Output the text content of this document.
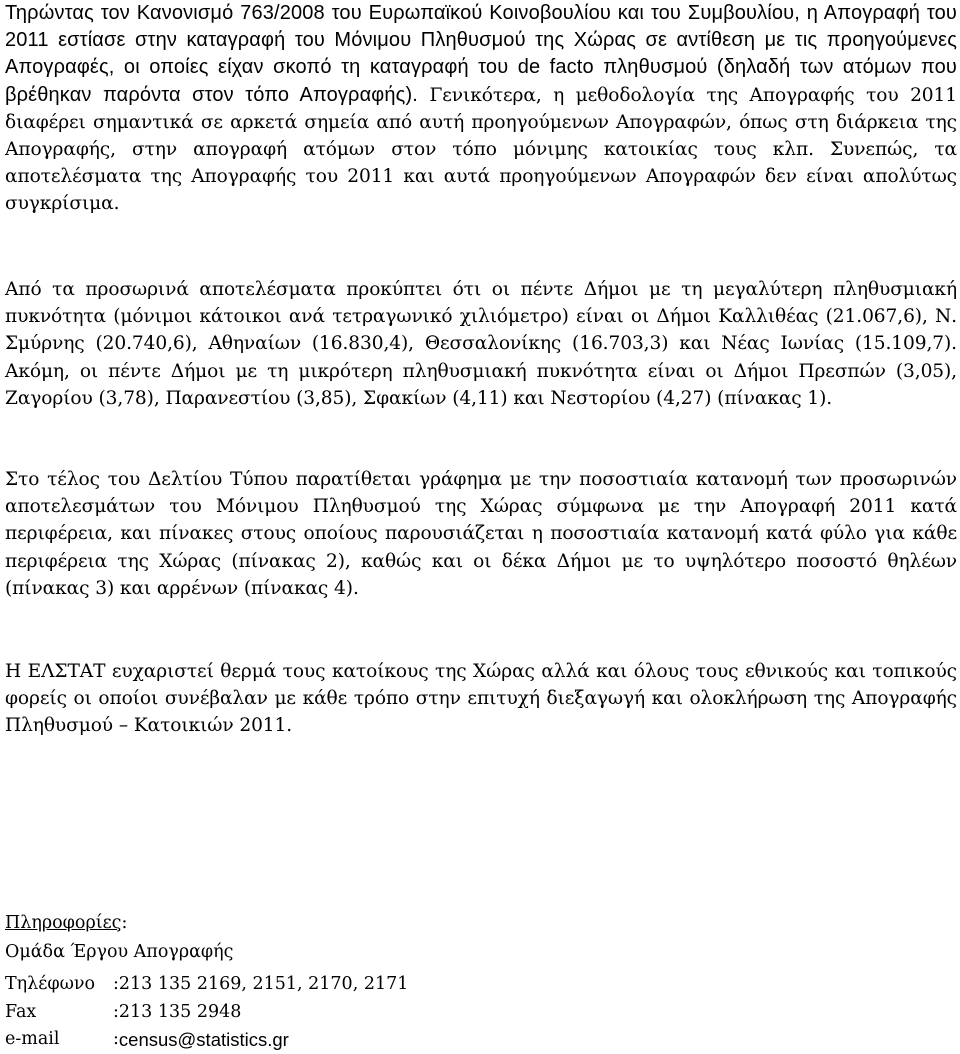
Τηρώντας τον Κανονισμό 763/2008 του Ευρωπαϊκού Κοινοβουλίου και του Συμβουλίου, η Απογραφή του 2011 εστίασε στην καταγραφή του Μόνιμου Πληθυσμού της Χώρας σε αντίθεση με τις προηγούμενες Απογραφές, οι οποίες είχαν σκοπό τη καταγραφή του de facto πληθυσμού (δηλαδή των ατόμων που βρέθηκαν παρόντα στον τόπο Απογραφής). Γενικότερα, η μεθοδολογία της Απογραφής του 2011 διαφέρει σημαντικά σε αρκετά σημεία από αυτή προηγούμενων Απογραφών, όπως στη διάρκεια της Απογραφής, στην απογραφή ατόμων στον τόπο μόνιμης κατοικίας τους κλπ. Συνεπώς, τα αποτελέσματα της Απογραφής του 2011 και αυτά προηγούμενων Απογραφών δεν είναι απολύτως συγκρίσιμα.

Από τα προσωρινά αποτελέσματα προκύπτει ότι οι πέντε Δήμοι με τη μεγαλύτερη πληθυσμιακή πυκνότητα (μόνιμοι κάτοικοι ανά τετραγωνικό χιλιόμετρο) είναι οι Δήμοι Καλλιθέας (21.067,6), Ν. Σμύρνης (20.740,6), Αθηναίων (16.830,4), Θεσσαλονίκης (16.703,3) και Νέας Ιωνίας (15.109,7). Ακόμη, οι πέντε Δήμοι με τη μικρότερη πληθυσμιακή πυκνότητα είναι οι Δήμοι Πρεσπών (3,05), Ζαγορίου (3,78), Παρανεστίου (3,85), Σφακίων (4,11) και Νεστορίου (4,27) (πίνακας 1).

Στο τέλος του Δελτίου Τύπου παρατίθεται γράφημα με την ποσοστιαία κατανομή των προσωρινών αποτελεσμάτων του Μόνιμου Πληθυσμού της Χώρας σύμφωνα με την Απογραφή 2011 κατά περιφέρεια, και πίνακες στους οποίους παρουσιάζεται η ποσοστιαία κατανομή κατά φύλο για κάθε περιφέρεια της Χώρας (πίνακας 2), καθώς και οι δέκα Δήμοι με το υψηλότερο ποσοστό θηλέων (πίνακας 3) και αρρένων (πίνακας 4).

Η ΕΛΣΤΑΤ ευχαριστεί θερμά τους κατοίκους της Χώρας αλλά και όλους τους εθνικούς και τοπικούς φορείς οι οποίοι συνέβαλαν με κάθε τρόπο στην επιτυχή διεξαγωγή και ολοκλήρωση της Απογραφής Πληθυσμού – Κατοικιών 2011.

Πληροφορίες:
Ομάδα Έργου Απογραφής
Τηλέφωνο	: 213 135 2169, 2151, 2170, 2171
Fax	: 213 135 2948
e-mail	: census@statistics.gr
